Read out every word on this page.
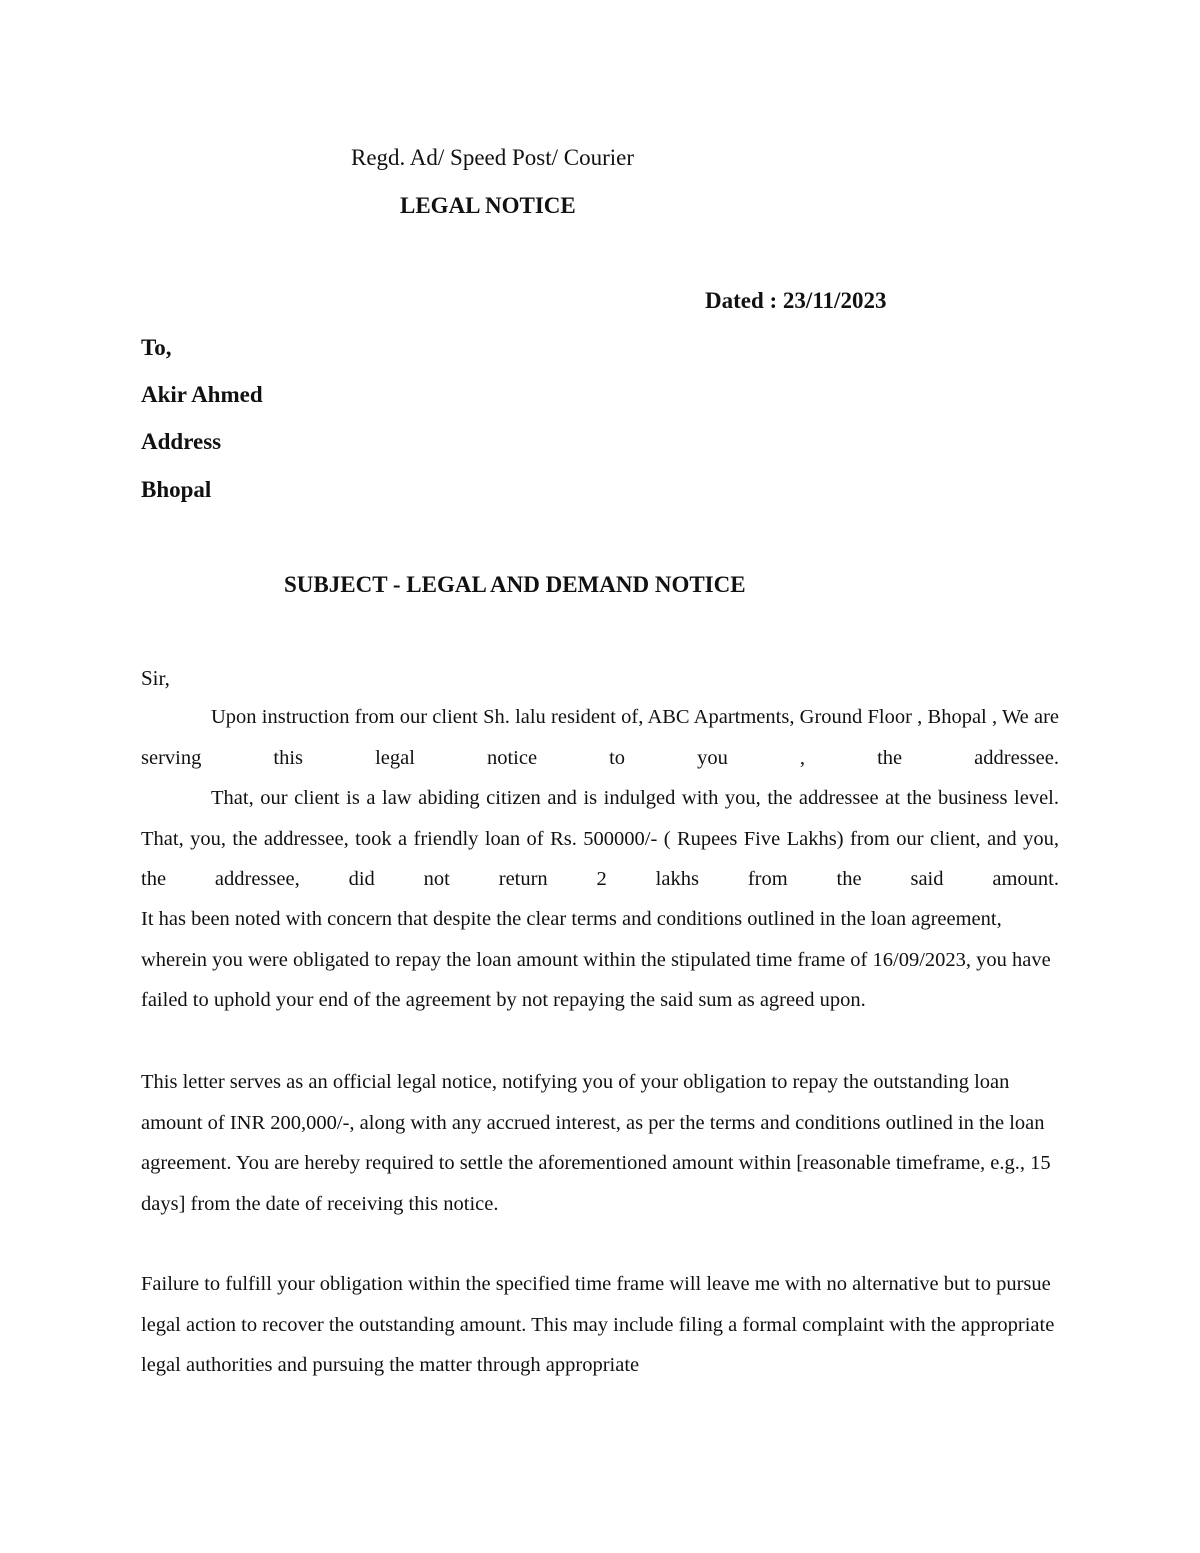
Regd. Ad/ Speed Post/ Courier
LEGAL NOTICE
Dated : 23/11/2023
To,
Akir Ahmed
Address
Bhopal
SUBJECT - LEGAL AND DEMAND NOTICE
Sir,

Upon instruction from our client Sh. lalu resident of, ABC Apartments, Ground Floor , Bhopal , We are serving this legal notice to you , the addressee.

That, our client is a law abiding citizen and is indulged with you, the addressee at the business level. That, you, the addressee, took a friendly loan of Rs. 500000/- ( Rupees Five Lakhs) from our client, and you, the addressee, did not return 2 lakhs from the said amount.

It has been noted with concern that despite the clear terms and conditions outlined in the loan agreement, wherein you were obligated to repay the loan amount within the stipulated time frame of 16/09/2023, you have failed to uphold your end of the agreement by not repaying the said sum as agreed upon.

This letter serves as an official legal notice, notifying you of your obligation to repay the outstanding loan amount of INR 200,000/-, along with any accrued interest, as per the terms and conditions outlined in the loan agreement. You are hereby required to settle the aforementioned amount within [reasonable timeframe, e.g., 15 days] from the date of receiving this notice.

Failure to fulfill your obligation within the specified time frame will leave me with no alternative but to pursue legal action to recover the outstanding amount. This may include filing a formal complaint with the appropriate legal authorities and pursuing the matter through appropriate
